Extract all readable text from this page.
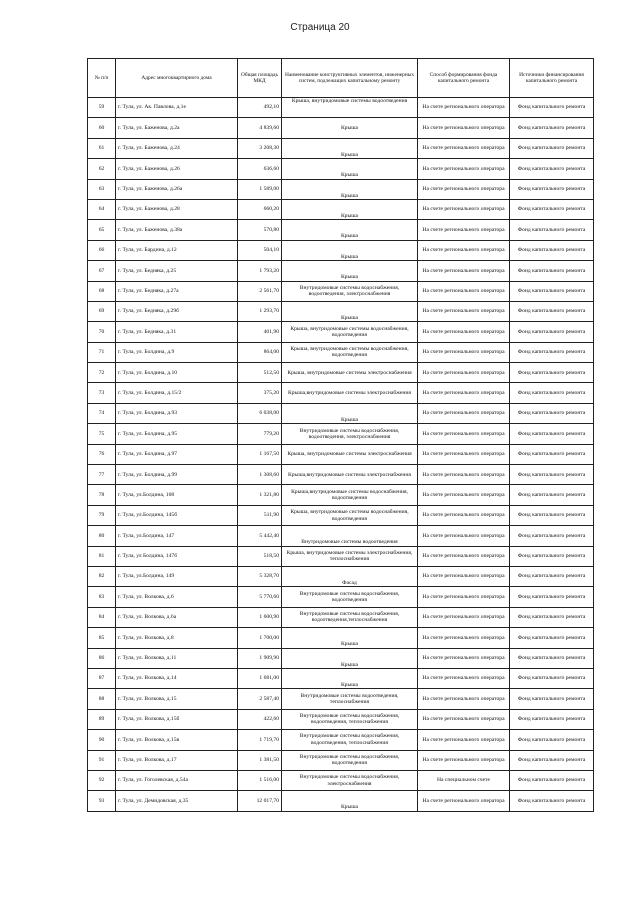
Страница 20
№ п/п	Адрес многоквартирного дома	Общая площадь МКД	Наименование конструктивных элементов, инженерных систем, подлежащих капитальному ремонту	Способ формирования фонда капитального ремонта	Источники финансирования капитального ремонта
59	г. Тула, ул. Ак. Павлова, д.1е	492,10	Крыша, внутридомовые системы водоотведения	На счете регионального оператора	Фонд капитального ремонта
60	г. Тула, ул. Баженова, д.2а	4 839,60	Крыша	На счете регионального оператора	Фонд капитального ремонта
61	г. Тула, ул. Баженова, д.24	3 208,30	Крыша	На счете регионального оператора	Фонд капитального ремонта
62	г. Тула, ул. Баженова, д.26	636,60	Крыша	На счете регионального оператора	Фонд капитального ремонта
63	г. Тула, ул. Баженова, д.26а	1 589,00	Крыша	На счете регионального оператора	Фонд капитального ремонта
64	г. Тула, ул. Баженова, д.28	660,20	Крыша	На счете регионального оператора	Фонд капитального ремонта
65	г. Тула, ул. Баженова, д.38а	570,80	Крыша	На счете регионального оператора	Фонд капитального ремонта
66	г. Тула, ул. Бардина, д.12	504,10	Крыша	На счете регионального оператора	Фонд капитального ремонта
67	г. Тула, ул. Бедняка, д.25	1 793,20	Крыша	На счете регионального оператора	Фонд капитального ремонта
68	г. Тула, ул. Бедняка, д.27а	2 561,70	Внутридомовые системы водоснабжения, водоотведения, электроснабжения	На счете регионального оператора	Фонд капитального ремонта
69	г. Тула, ул. Бедняка, д.29б	1 293,70	Крыша	На счете регионального оператора	Фонд капитального ремонта
70	г. Тула, ул. Бедняка, д.31	401,90	Крыша, внутридомовые системы водоснабжения, водоотведения	На счете регионального оператора	Фонд капитального ремонта
71	г. Тула, ул. Болдина, д.9	864,00	Крыша, внутридомовые системы водоснабжения, водоотведения	На счете регионального оператора	Фонд капитального ремонта
72	г. Тула, ул. Болдина, д.10	512,50	Крыша, внутридомовые системы электроснабжения	На счете регионального оператора	Фонд капитального ремонта
73	г. Тула, ул. Болдина, д.15/2	375,20	Крыша,внутридомовые системы электроснабжения	На счете регионального оператора	Фонд капитального ремонта
74	г. Тула, ул. Болдина, д.93	6 038,00	Крыша	На счете регионального оператора	Фонд капитального ремонта
75	г. Тула, ул. Болдина, д.95	779,20	Внутридомовые системы водоснабжения, водоотведения, электроснабжения	На счете регионального оператора	Фонд капитального ремонта
76	г. Тула, ул. Болдина, д.97	1 167,50	Крыша, внутридомовые системы электроснабжения	На счете регионального оператора	Фонд капитального ремонта
77	г. Тула, ул. Болдина, д.99	1 308,60	Крыша,внутридомовые системы электроснабжения	На счете регионального оператора	Фонд капитального ремонта
78	г. Тула, ул.Болдина, 108	1 321,80	Крыша,внутридомовые системы водоснабжения, водоотведения	На счете регионального оператора	Фонд капитального ремонта
79	г. Тула, ул.Болдина, 145б	511,90	Крыша, внутридомовые системы водоснабжения, водоотведения	На счете регионального оператора	Фонд капитального ремонта
80	г. Тула, ул.Болдина, 147	5 442,40	Внутридомовые системы водоотведения	На счете регионального оператора	Фонд капитального ремонта
81	г. Тула, ул Болдина, 147б	518,50	Крыша, внутридомовые системы электроснабжения, теплоснабжения	На счете регионального оператора	Фонд капитального ремонта
82	г. Тула, ул.Болдина, 149	5 328,70	Фасад	На счете регионального оператора	Фонд капитального ремонта
83	г. Тула, ул. Волкова, д.6	5 770,60	Внутридомовые системы водоснабжения, водоотведения	На счете регионального оператора	Фонд капитального ремонта
84	г. Тула, ул. Волкова, д.6а	1 600,90	Внутридомовые системы водоснабжения, водоотведения,теплоснабжения	На счете регионального оператора	Фонд капитального ремонта
85	г. Тула, ул. Волкова, д.8	1 700,00	Крыша	На счете регионального оператора	Фонд капитального ремонта
86	г. Тула, ул. Волкова, д.11	1 909,90	Крыша	На счете регионального оператора	Фонд капитального ремонта
87	г. Тула, ул. Волкова, д.14	1 681,00	Крыша	На счете регионального оператора	Фонд капитального ремонта
88	г. Тула, ул. Волкова, д.15	2 587,40	Внутридомовые системы водоотведения, теплоснабжения	На счете регионального оператора	Фонд капитального ремонта
89	г. Тула, ул. Волкова, д.15б	422,60	Внутридомовые системы водоснабжения, водоотведения, теплоснабжения	На счете регионального оператора	Фонд капитального ремонта
90	г. Тула, ул. Волкова, д.15в	1 719,70	Внутридомовые системы водоснабжения, водоотведения, теплоснабжения	На счете регионального оператора	Фонд капитального ремонта
91	г. Тула, ул. Волкова, д.17	1 381,50	Внутридомовые системы водоснабжения, водоотведения	На счете регионального оператора	Фонд капитального ремонта
92	г. Тула, ул. Гоголевская, д.54а	1 516,00	Внутридомовые системы водоснабжения, электроснабжения	На специальном счете	Фонд капитального ремонта
93	г. Тула, ул. Демидовская, д.35	12 017,70	Крыша	На счете регионального оператора	Фонд капитального ремонта
